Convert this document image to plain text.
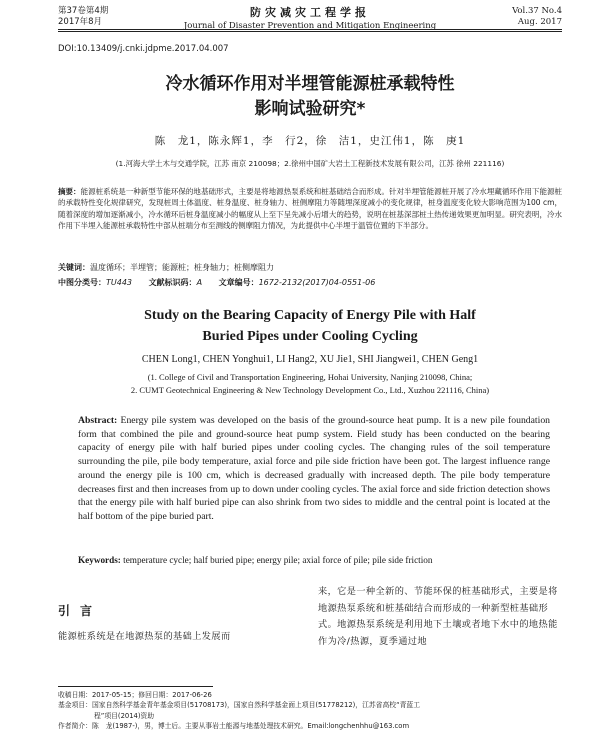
第37卷第4期
2017年8月
防灾减灾工程学报
Journal of Disaster Prevention and Mitigation Engineering
Vol.37 No.4
Aug. 2017
DOI:10.13409/j.cnki.jdpme.2017.04.007
冷水循环作用对半埋管能源桩承载特性
影响试验研究*
陈　龙1，陈永辉1，李　行2，徐　洁1，史江伟1，陈　庚1
(1.河海大学土木与交通学院，江苏 南京 210098；2.徐州中国矿大岩土工程新技术发展有限公司，江苏 徐州 221116)
摘要：能源桩系统是一种新型节能环保的地基础形式，主要是将地源热泵系统和桩基础结合而形成。针对半埋管能源桩开展了冷水埋藏循环作用下能源桩的承载特性变化规律研究，发现桩周土体温度、桩身温度、桩身轴力、桩侧摩阻力等随埋深度减小的变化规律，桩身温度变化较大影响范围为100 cm，随着深度的增加逐渐减小，冷水循环后桩身温度减小的幅度从上至下呈先减小后增大的趋势，说明在桩基深部桩土热传递效果更加明显。研究表明，冷水作用下半埋入能源桩承载特性中部从桩端分布至测线的侧摩阻力情况，为此提供中心半埋于温管位置的下半部分。
关键词：温度循环；半埋管；能源桩；桩身轴力；桩侧摩阻力
中图分类号：TU443 文献标识码：A 文章编号：1672-2132(2017)04-0551-06
Study on the Bearing Capacity of Energy Pile with Half
Buried Pipes under Cooling Cycling
CHEN Long1, CHEN Yonghui1, LI Hang2, XU Jie1, SHI Jiangwei1, CHEN Geng1
(1. College of Civil and Transportation Engineering, Hohai University, Nanjing 210098, China;
2. CUMT Geotechnical Engineering & New Technology Development Co., Ltd., Xuzhou 221116, China)
Abstract: Energy pile system was developed on the basis of the ground-source heat pump. It is a new pile foundation form that combined the pile and ground-source heat pump system. Field study has been conducted on the bearing capacity of energy pile with half buried pipes under cooling cycles. The changing rules of the soil temperature surrounding the pile, pile body temperature, axial force and pile side friction have been got. The largest influence range around the energy pile is 100 cm, which is decreased gradually with increased depth. The pile body temperature decreases first and then increases from up to down under cooling cycles. The axial force and side friction detection shows that the energy pile with half buried pipe can also shrink from two sides to middle and the central point is located at the half bottom of the pipe buried part.
Keywords: temperature cycle; half buried pipe; energy pile; axial force of pile; pile side friction
引言
能源桩系统是在地源热泵的基础上发展而
来，它是一种全新的、节能环保的桩基础形式，主要是将地源热泵系统和桩基础结合而形成的一种新型桩基础形式。地源热泵系统是利用地下土壤或者地下水中的地热能作为冷/热源，夏季通过地
收稿日期：2017-05-15；修回日期：2017-06-26
基金项目：国家自然科学基金青年基金项目(51708173)，国家自然科学基金面上项目(51778212)，江苏省高校“青蓝工
程”项目(2014)资助
作者简介：陈　龙(1987-)，男，博士后。主要从事岩土能源与地基处理技术研究。Email:longchenhhu@163.com
